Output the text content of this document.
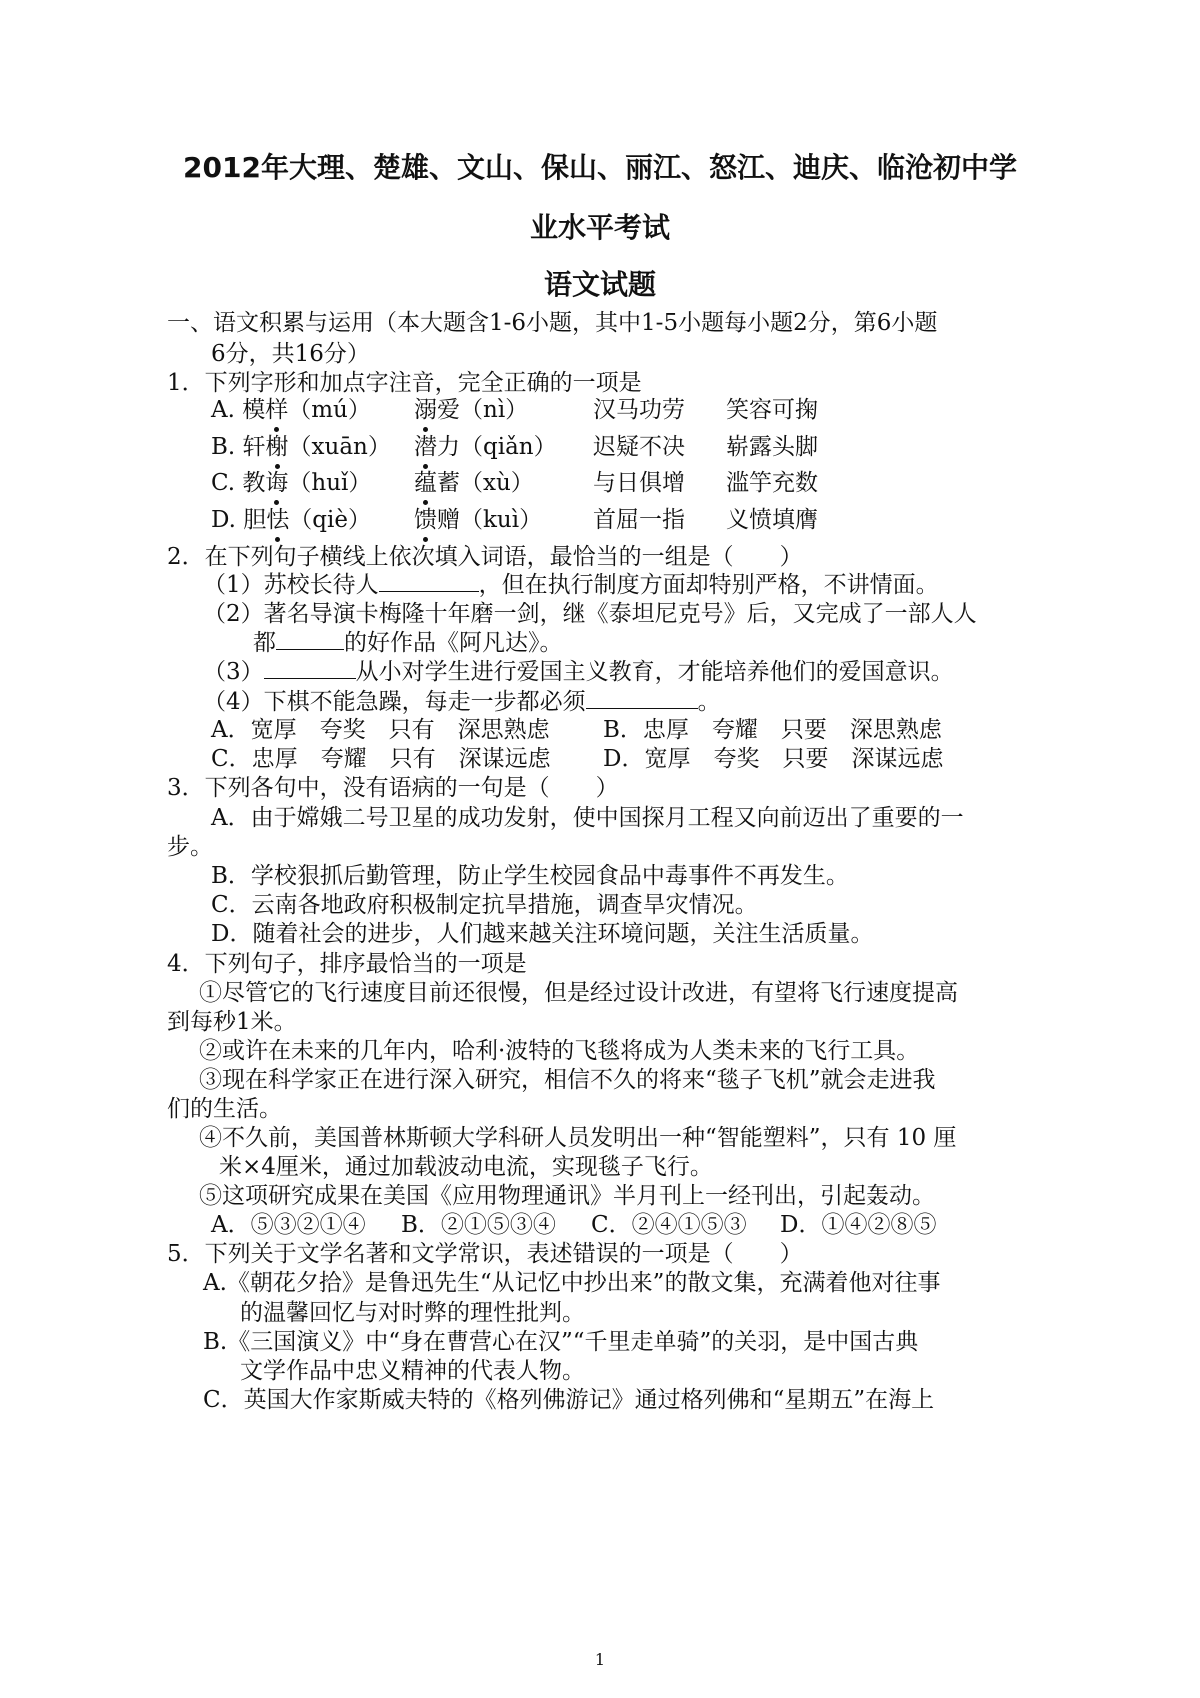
2012年大理、楚雄、文山、保山、丽江、怒江、迪庆、临沧初中学
业水平考试
语文试题
一、语文积累与运用（本大题含1-6小题，其中1-5小题每小题2分，第6小题
6分，共16分）
1．下列字形和加点字注音，完全正确的一项是
A. 模样（mú） 溺爱（nì）	汉马功劳 笑容可掬
B. 轩榭（xuān） 潜力（qiǎn） 迟疑不决 崭露头脚
C. 教诲（huǐ） 蕴蓄（xù）	与日俱增 滥竽充数
D. 胆怯（qiè） 馈赠（kuì） 首屈一指 义愤填膺
2．在下列句子横线上依次填入词语，最恰当的一组是（　　）
（1）苏校长待人	，但在执行制度方面却特别严格，不讲情面。
（2）著名导演卡梅隆十年磨一剑，继《泰坦尼克号》后，又完成了一部人人
都	的好作品《阿凡达》。
（3）	从小对学生进行爱国主义教育，才能培养他们的爱国意识。
（4）下棋不能急躁，每走一步都必须	。
A．宽厚　夸奖　只有　深思熟虑 B．忠厚　夸耀　只要　深思熟虑
C．忠厚　夸耀　只有　深谋远虑 D．宽厚　夸奖　只要　深谋远虑
3．下列各句中，没有语病的一句是（　　）
A．由于嫦娥二号卫星的成功发射，使中国探月工程又向前迈出了重要的一
步。
B．学校狠抓后勤管理，防止学生校园食品中毒事件不再发生。
C．云南各地政府积极制定抗旱措施，调查旱灾情况。
D．随着社会的进步，人们越来越关注环境问题，关注生活质量。
4．下列句子，排序最恰当的一项是
①尽管它的飞行速度目前还很慢，但是经过设计改进，有望将飞行速度提高
到每秒1米。
②或许在未来的几年内，哈利·波特的飞毯将成为人类未来的飞行工具。
③现在科学家正在进行深入研究，相信不久的将来“毯子飞机”就会走进我
们的生活。
④不久前，美国普林斯顿大学科研人员发明出一种“智能塑料”，只有 10 厘
米×4厘米，通过加载波动电流，实现毯子飞行。
⑤这项研究成果在美国《应用物理通讯》半月刊上一经刊出，引起轰动。
A．⑤③②①④ B．②①⑤③④ C．②④①⑤③ D．①④②⑧⑤
5．下列关于文学名著和文学常识，表述错误的一项是（　　）
A.《朝花夕拾》是鲁迅先生“从记忆中抄出来”的散文集，充满着他对往事
的温馨回忆与对时弊的理性批判。
B.《三国演义》中“身在曹营心在汉”“千里走单骑”的关羽，是中国古典
文学作品中忠义精神的代表人物。
C．英国大作家斯威夫特的《格列佛游记》通过格列佛和“星期五”在海上
1
